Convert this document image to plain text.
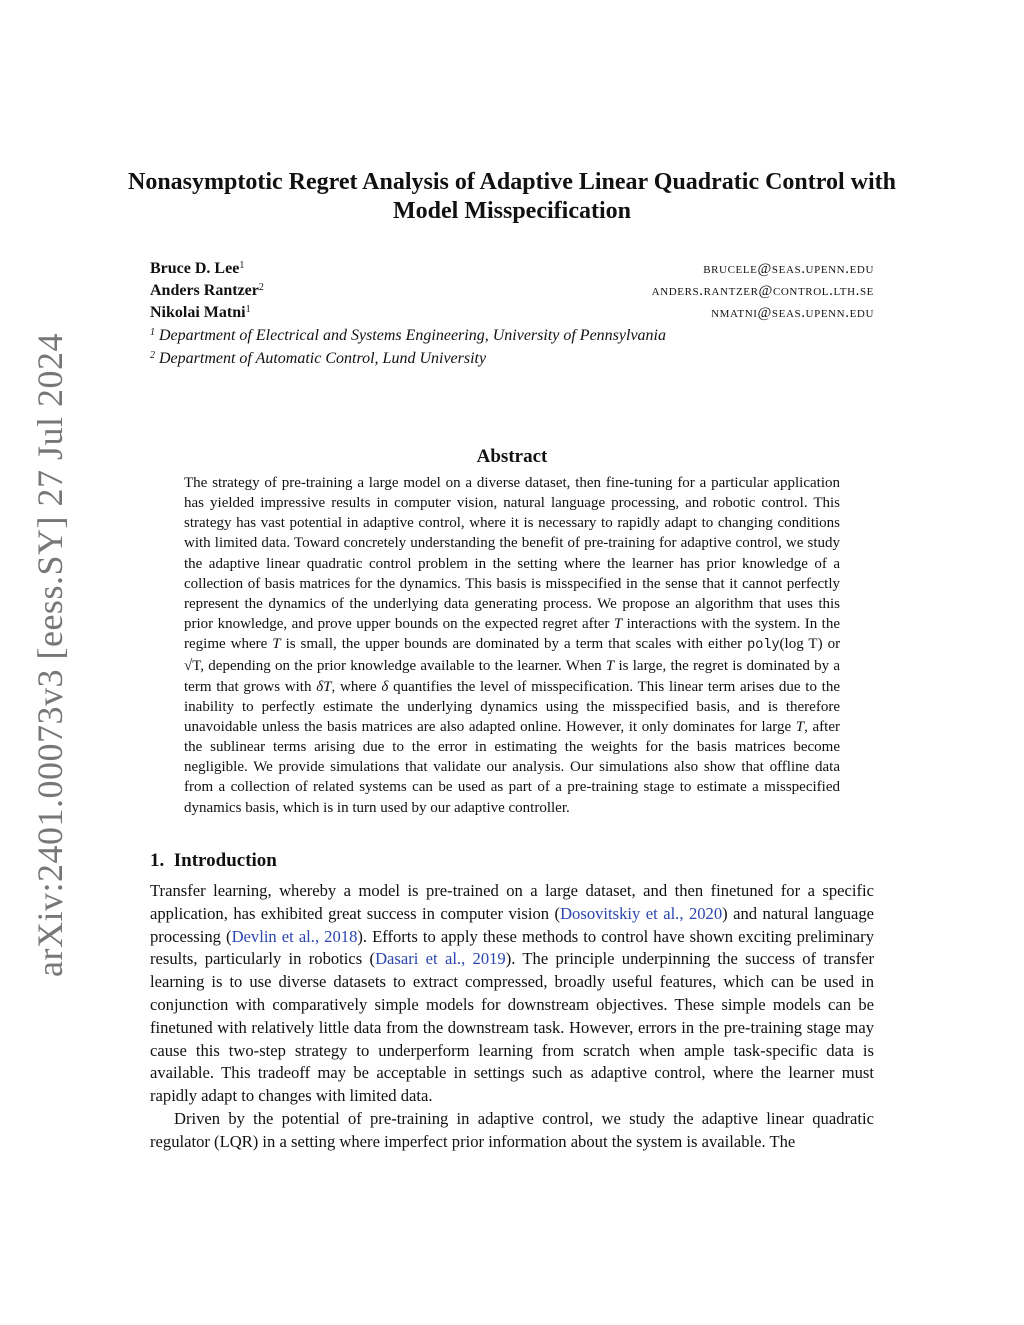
arXiv:2401.00073v3 [eess.SY] 27 Jul 2024
Nonasymptotic Regret Analysis of Adaptive Linear Quadratic Control with Model Misspecification
Bruce D. Lee$^1$	brucele@seas.upenn.edu
Anders Rantzer$^2$	anders.rantzer@control.lth.se
Nikolai Matni$^1$	nmatni@seas.upenn.edu
$^1$ Department of Electrical and Systems Engineering, University of Pennsylvania
$^2$ Department of Automatic Control, Lund University
Abstract

The strategy of pre-training a large model on a diverse dataset, then fine-tuning for a particular application has yielded impressive results in computer vision, natural language processing, and robotic control. This strategy has vast potential in adaptive control, where it is necessary to rapidly adapt to changing conditions with limited data. Toward concretely understanding the benefit of pre-training for adaptive control, we study the adaptive linear quadratic control problem in the setting where the learner has prior knowledge of a collection of basis matrices for the dynamics. This basis is misspecified in the sense that it cannot perfectly represent the dynamics of the underlying data generating process. We propose an algorithm that uses this prior knowledge, and prove upper bounds on the expected regret after T interactions with the system. In the regime where T is small, the upper bounds are dominated by a term that scales with either poly(log T) or √T, depending on the prior knowledge available to the learner. When T is large, the regret is dominated by a term that grows with δT, where δ quantifies the level of misspecification. This linear term arises due to the inability to perfectly estimate the underlying dynamics using the misspecified basis, and is therefore unavoidable unless the basis matrices are also adapted online. However, it only dominates for large T, after the sublinear terms arising due to the error in estimating the weights for the basis matrices become negligible. We provide simulations that validate our analysis. Our simulations also show that offline data from a collection of related systems can be used as part of a pre-training stage to estimate a misspecified dynamics basis, which is in turn used by our adaptive controller.

1. Introduction

Transfer learning, whereby a model is pre-trained on a large dataset, and then finetuned for a specific application, has exhibited great success in computer vision (Dosovitskiy et al., 2020) and natural language processing (Devlin et al., 2018). Efforts to apply these methods to control have shown exciting preliminary results, particularly in robotics (Dasari et al., 2019). The principle underpinning the success of transfer learning is to use diverse datasets to extract compressed, broadly useful features, which can be used in conjunction with comparatively simple models for downstream objectives. These simple models can be finetuned with relatively little data from the downstream task. However, errors in the pre-training stage may cause this two-step strategy to underperform learning from scratch when ample task-specific data is available. This tradeoff may be acceptable in settings such as adaptive control, where the learner must rapidly adapt to changes with limited data.

Driven by the potential of pre-training in adaptive control, we study the adaptive linear quadratic regulator (LQR) in a setting where imperfect prior information about the system is available. The
